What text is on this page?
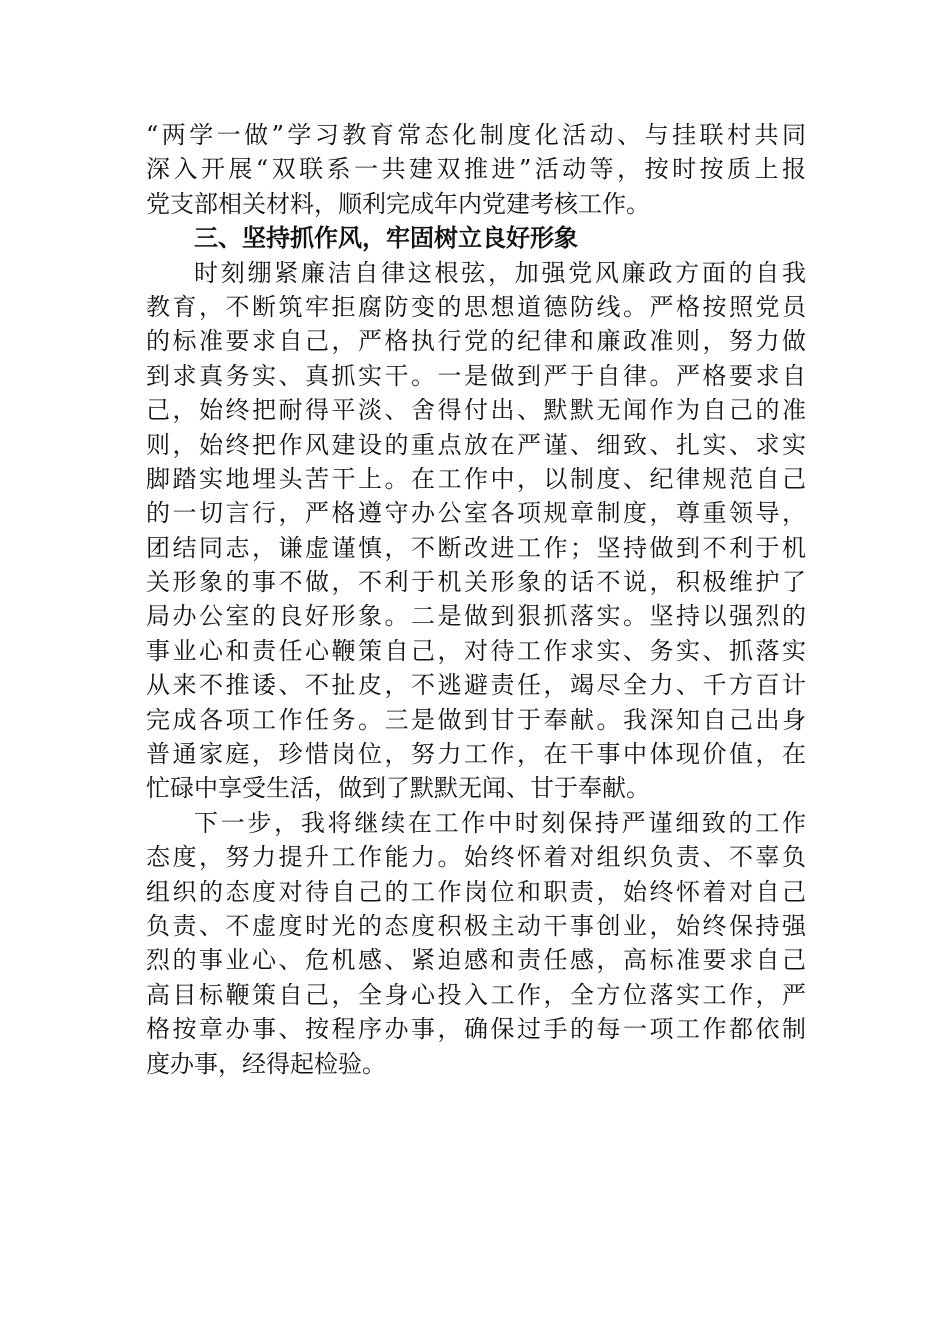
“两学一做”学习教育常态化制度化活动、与挂联村共同
深入开展“双联系一共建双推进”活动等，按时按质上报
党支部相关材料，顺利完成年内党建考核工作。
三、坚持抓作风，牢固树立良好形象
时刻绷紧廉洁自律这根弦，加强党风廉政方面的自我
教育，不断筑牢拒腐防变的思想道德防线。严格按照党员
的标准要求自己，严格执行党的纪律和廉政准则，努力做
到求真务实、真抓实干。一是做到严于自律。严格要求自
己，始终把耐得平淡、舍得付出、默默无闻作为自己的准
则，始终把作风建设的重点放在严谨、细致、扎实、求实
脚踏实地埋头苦干上。在工作中，以制度、纪律规范自己
的一切言行，严格遵守办公室各项规章制度，尊重领导，
团结同志，谦虚谨慎，不断改进工作；坚持做到不利于机
关形象的事不做，不利于机关形象的话不说，积极维护了
局办公室的良好形象。二是做到狠抓落实。坚持以强烈的
事业心和责任心鞭策自己，对待工作求实、务实、抓落实
从来不推诿、不扯皮，不逃避责任，竭尽全力、千方百计
完成各项工作任务。三是做到甘于奉献。我深知自己出身
普通家庭，珍惜岗位，努力工作，在干事中体现价值，在
忙碌中享受生活，做到了默默无闻、甘于奉献。
下一步，我将继续在工作中时刻保持严谨细致的工作
态度，努力提升工作能力。始终怀着对组织负责、不辜负
组织的态度对待自己的工作岗位和职责，始终怀着对自己
负责、不虚度时光的态度积极主动干事创业，始终保持强
烈的事业心、危机感、紧迫感和责任感，高标准要求自己
高目标鞭策自己，全身心投入工作，全方位落实工作，严
格按章办事、按程序办事，确保过手的每一项工作都依制
度办事，经得起检验。
